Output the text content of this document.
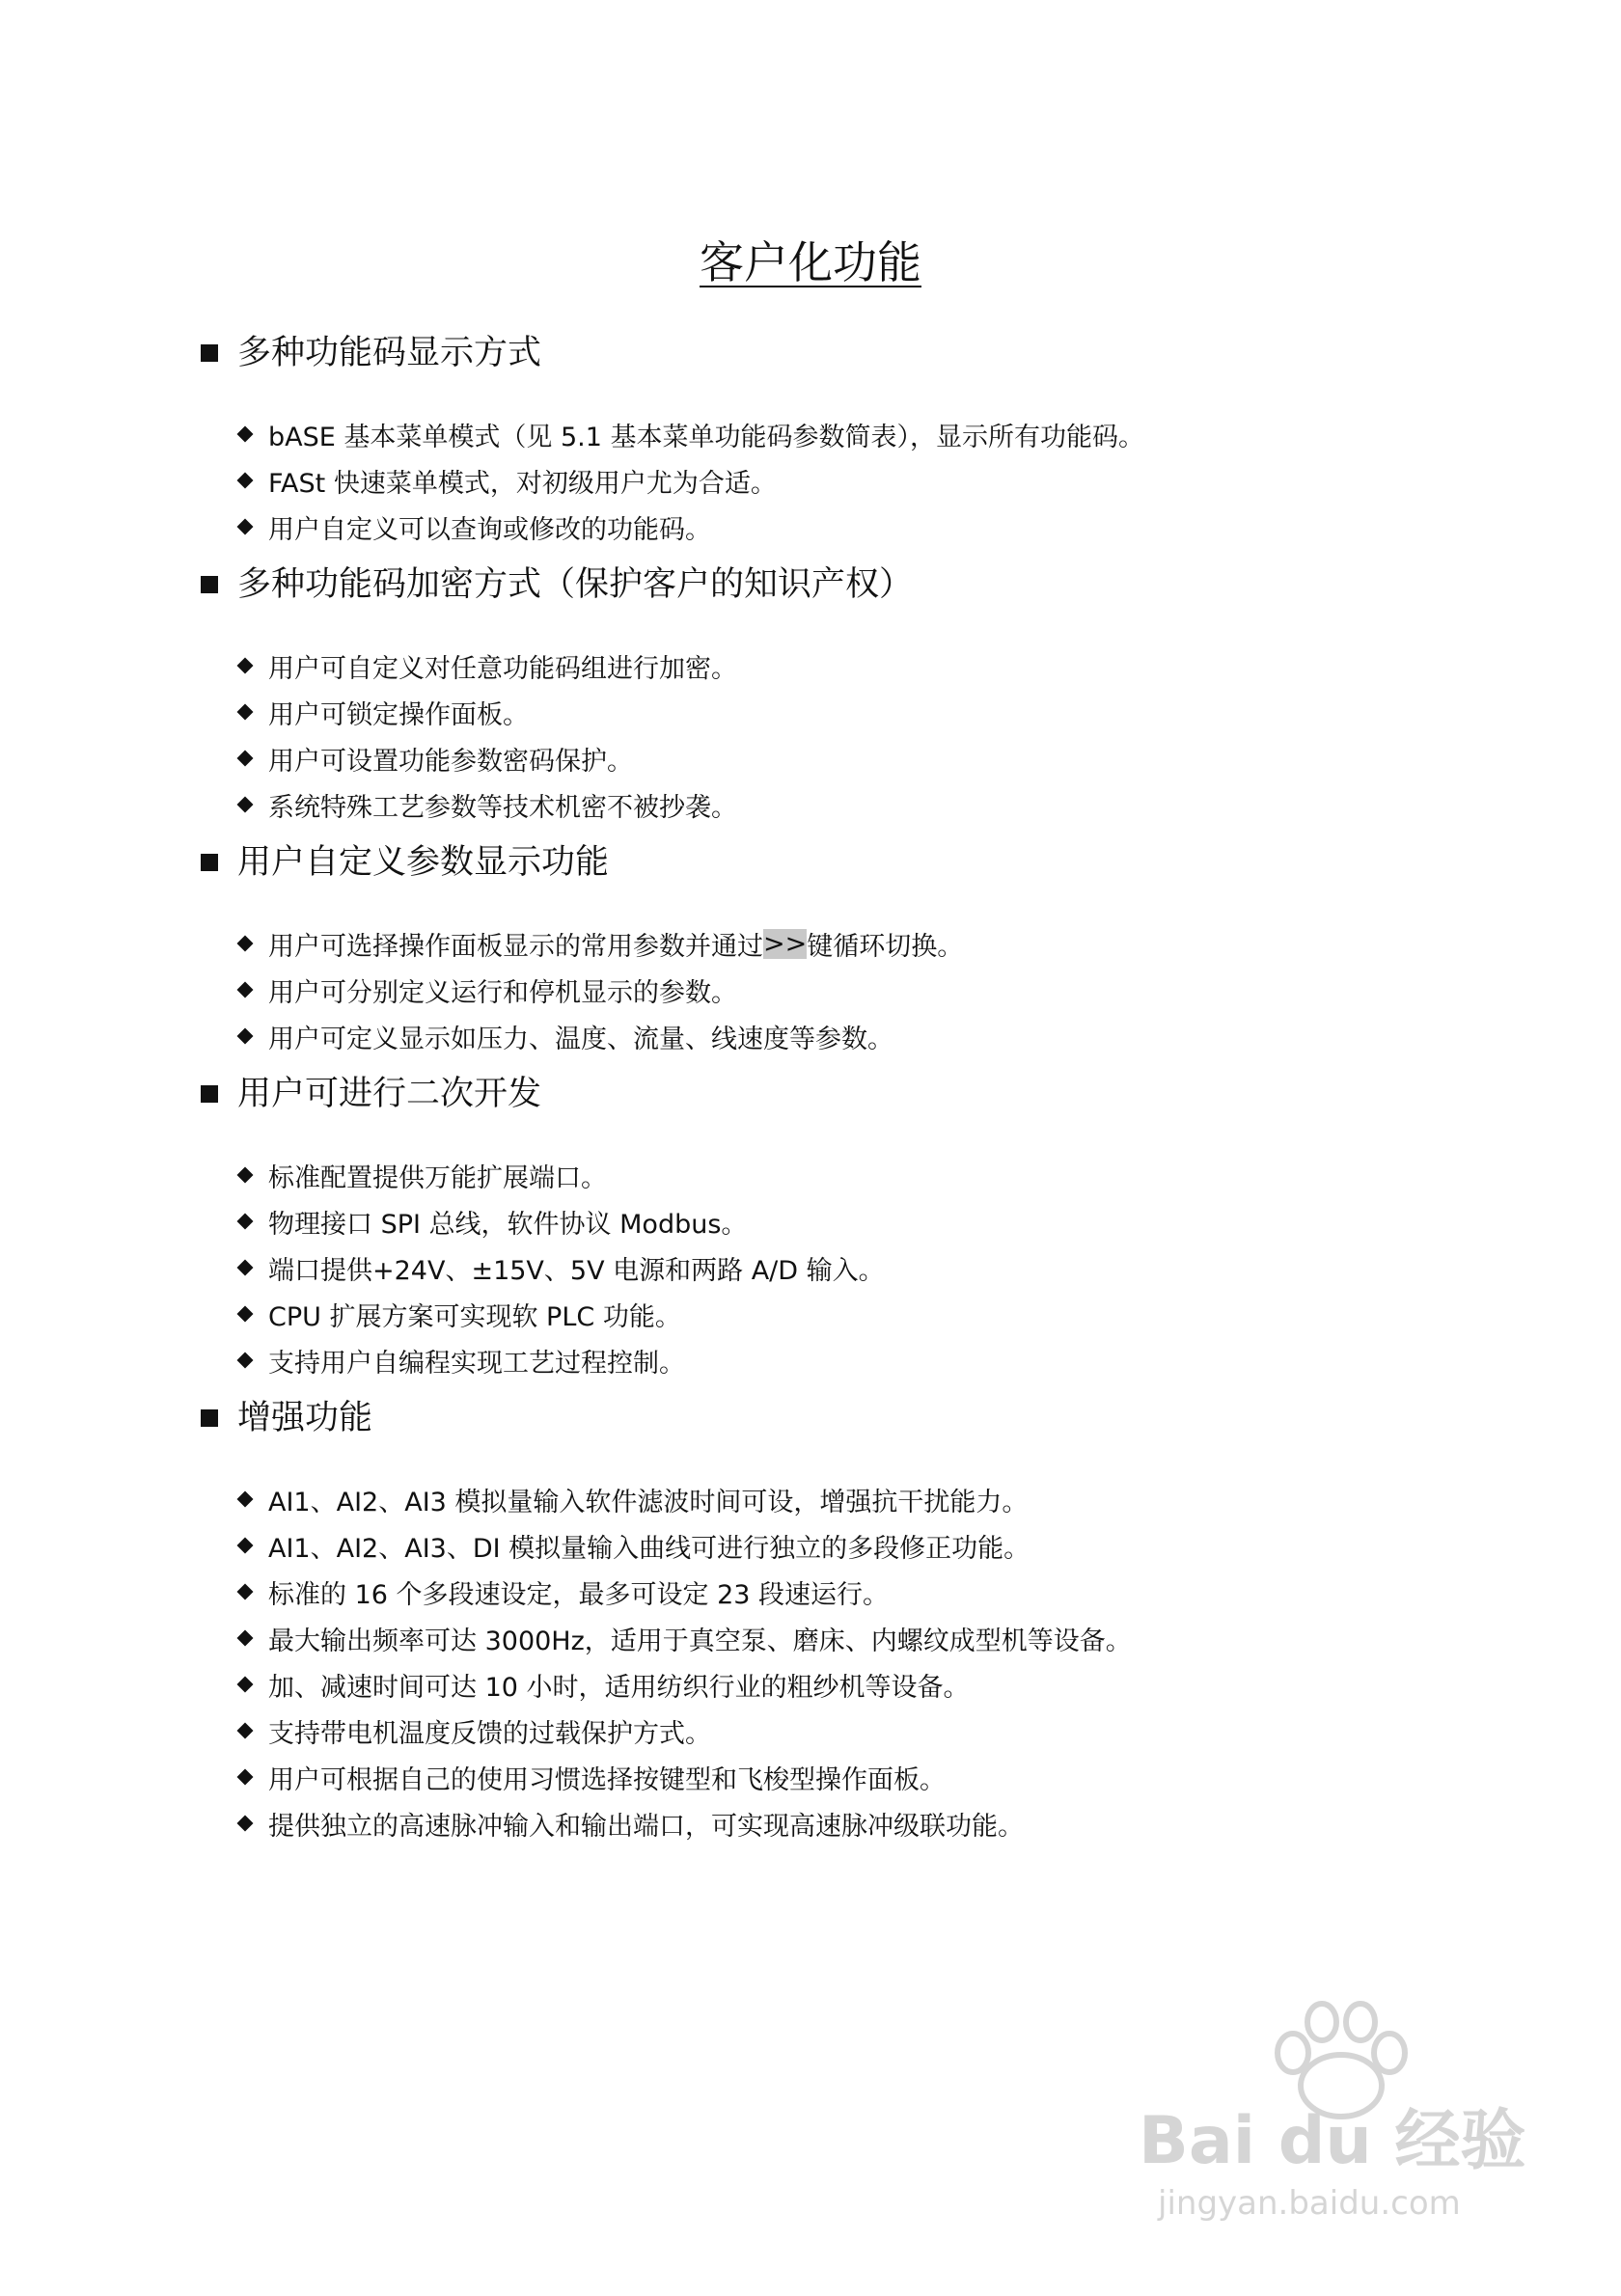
客户化功能
多种功能码显示方式
bASE 基本菜单模式（见 5.1 基本菜单功能码参数简表），显示所有功能码。
FASt 快速菜单模式，对初级用户尤为合适。
用户自定义可以查询或修改的功能码。
多种功能码加密方式（保护客户的知识产权）
用户可自定义对任意功能码组进行加密。
用户可锁定操作面板。
用户可设置功能参数密码保护。
系统特殊工艺参数等技术机密不被抄袭。
用户自定义参数显示功能
用户可选择操作面板显示的常用参数并通过 >> 键循环切换。
用户可分别定义运行和停机显示的参数。
用户可定义显示如压力、温度、流量、线速度等参数。
用户可进行二次开发
标准配置提供万能扩展端口。
物理接口 SPI 总线，软件协议 Modbus。
端口提供+24V、±15V、5V 电源和两路 A/D 输入。
CPU 扩展方案可实现软 PLC 功能。
支持用户自编程实现工艺过程控制。
增强功能
AI1、AI2、AI3 模拟量输入软件滤波时间可设，增强抗干扰能力。
AI1、AI2、AI3、DI 模拟量输入曲线可进行独立的多段修正功能。
标准的 16 个多段速设定，最多可设定 23 段速运行。
最大输出频率可达 3000Hz，适用于真空泵、磨床、内螺纹成型机等设备。
加、减速时间可达 10 小时，适用纺织行业的粗纱机等设备。
支持带电机温度反馈的过载保护方式。
用户可根据自己的使用习惯选择按键型和飞梭型操作面板。
提供独立的高速脉冲输入和输出端口，可实现高速脉冲级联功能。
Bai du 经验
jingyan.baidu.com
